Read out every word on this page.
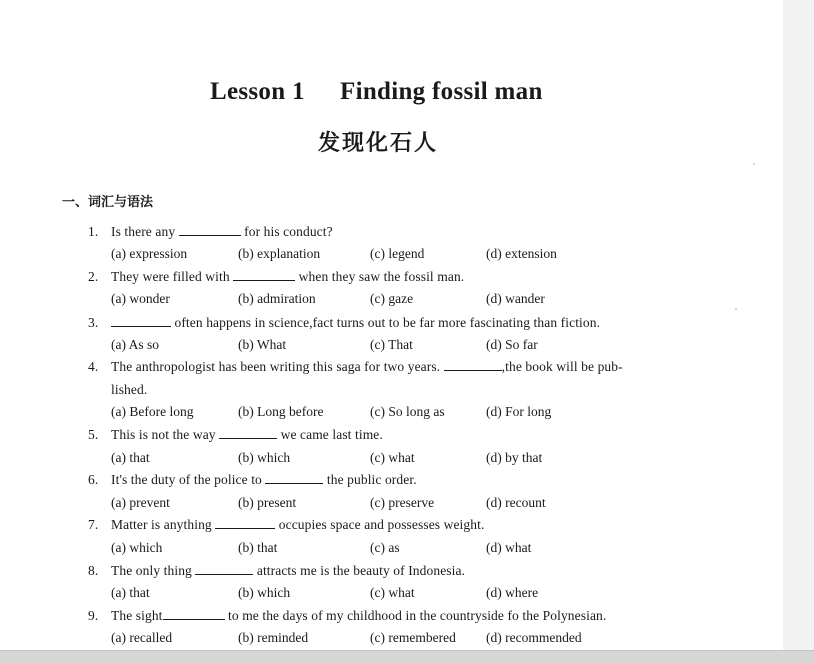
Lesson 1 Finding fossil man
发现化石人
一、词汇与语法
1. Is there any	for his conduct?
(a) expression	(b) explanation	(c) legend	(d) extension
2. They were filled with	when they saw the fossil man.
(a) wonder	(b) admiration	(c) gaze	(d) wander
3.	often happens in science,fact turns out to be far more fascinating than fiction.
(a) As so	(b) What	(c) That	(d) So far
4. The anthropologist has been writing this saga for two years.	,the book will be pub-
lished.
(a) Before long	(b) Long before	(c) So long as	(d) For long
5. This is not the way	we came last time.
(a) that	(b) which	(c) what	(d) by that
6. It's the duty of the police to	the public order.
(a) prevent	(b) present	(c) preserve	(d) recount
7. Matter is anything	occupies space and possesses weight.
(a) which	(b) that	(c) as	(d) what
8. The only thing	attracts me is the beauty of Indonesia.
(a) that	(b) which	(c) what	(d) where
9. The sight	to me the days of my childhood in the countryside fo the Polynesian.
(a) recalled	(b) reminded	(c) remembered (d) recommended
